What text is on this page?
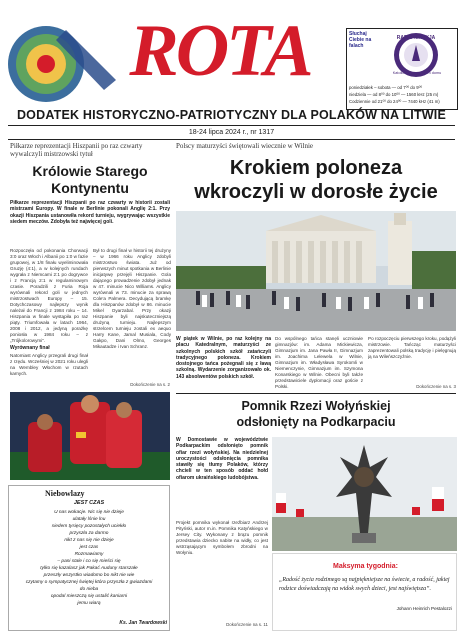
ROTA	Słuchaj Ciebie na falach
RADIO MARYJA
Katolicki głos w Twoim domu
poniedziałek – sobota — od 7⁰⁰ do 9⁰⁰
niedziela — od 8⁰⁰ do 10⁰⁰ — 1560 kHz (25 m)
Codziennie od 21⁰⁰ do 24⁰⁰ — 7440 kHz (41 m)
DODATEK HISTORYCZNO-PATRIOTYCZNY DLA POLAKÓW NA LITWIE
18-24 lipca 2024 r., nr 1317
Piłkarze reprezentacji Hiszpanii po raz czwarty wywalczyli mistrzowski tytuł
Królowie Starego Kontynentu
Piłkarze reprezentacji Hiszpanii po raz czwarty w historii zostali mistrzami Europy. W finale w Berlinie pokonali Anglię 2:1. Przy okazji Hiszpania ustanowiła rekord turnieju, wygrywając wszystkie siedem meczów. Zdobyła też najwięcej goli.
Rozpoczęła od pokonania Chorwacji 3:0 oraz Włoch i Albanii po 1:0 w fazie grupowej, w 1/8 finału wyeliminowała Gruzję (4:1), a w kolejnych rundach wygrała z Niemcami 2:1 po dogrywce i z Francją 2:1 w regulaminowym czasie. Poradzili z Furia Roja wyrównali rekord goli w jednych mistrzostwach Europy – 15. Dotychczasowy najlepszy wynik należał do Francji z 1984 roku – 14. Hiszpania w finale wystąpiła po raz piąty. Triumfowała w latach 1964, 2008 i 2012, a jedyną porażkę poniosła w 1984 roku – z „Trójkolorowymi”.
Wyrównany finał
Natomiast Anglicy przegrali drugi finał z rzędu. Wcześniej w 2021 roku ulegli na Wembley Włochom w rzutach karnych.
Był to drugi finał w historii tej drużyny – w 1966 roku Anglicy zdobyli mistrzostwo świata. Już od pierwszych minut spotkania w Berlinie inicjatywę przejęli Hiszpanie. Gola dającego prowadzenie zdobył jednak w 47. minucie Nico Williams. Anglicy wyrównali w 73. minucie za sprawą Cole'a Palmera. Decydującą bramkę dla Hiszpanów zdobył w 86. minucie Mikel Oyarzabal. Przy okazji Hiszpanie byli najskuteczniejszą drużyną turnieju. Najlepszym strzelcem turnieju zostali ex aequo Harry Kane, Jamal Musiala, Cody Gakpo, Dani Olmo, Georges Mikautadze i Ivan Schranz.
Dokończenie na s. 2
Polscy maturzyści świętowali wiecznie w Wilnie
Krokiem poloneza
wkroczyli w dorosłe życie
W piątek w Wilnie, po raz kolejny na placu Katedralnym, maturzyści ze szkolnych polskich szkół zatańczyli tradycyjnego poloneza. Krokiem dostojnego tańca pożegnali się z ławą szkolną. Wydarzenie zorganizowało ok. 143 absolwentów polskich szkół.
Do wspólnego tańca stanęli uczniowie gimnazjów: im. Adama Mickiewicza, Gimnazjum im. Jana Pawła II, Gimnazjum im. Joachima Lelewela w Wilnie, Gimnazjum im. Władysława Syrokomli w Niemenczynie, Gimnazjum im. Szymona Konarskiego w Wilnie. Obecni byli także przedstawiciele dyplomacji oraz goście z Polski.
Po rozpoczęciu pierwszego kroku, podążyli mistrzowie. Tańcząc maturzyści zaprezentowali polską tradycję i pielęgnują ją na Wileńszczyźnie.
Dokończenie na s. 3
Pomnik Rzezi Wołyńskiej
odsłonięty na Podkarpaciu
W Domostawie w województwie Podkarpackim odsłonięto pomnik ofiar rzezi wołyńskiej. Na niedzielnej uroczystości odsłonięcia pomnika stawiły się tłumy Polaków, którzy chcieli w ten sposób oddać hołd ofiarom ukraińskiego ludobójstwa.
Projekt pomnika wykonał rzeźbiarz Andrzej Pityński, autor m.in. Pomnika Katyńskiego w Jersey City. Wykonany z brązu pomnik przedstawia dziecko nabite na widły, co jest wstrząsającym symbolem zbrodni na Wołyniu.
Dokończenie na s. 11
Niebowlazy
JEST CZAS
U nas wokacje. Nic się nie dzieje
ulatały lśnie lnu
siedem tysięcy pozostałych uciekło
przyszła za darmo
nikt z nas się nie dzieje
jest czas
Rozmawiamy
– pani stale i co się mieści się
tylko się kazalasz jak Pakać Auduny starszałe
przeszły wszystko wiadomo bo nikt nie wie
czytamy o sympatycznej świętej która przyszła z gwiazdami
do nieba
opodal mieszczą się ustalić kaniarni
jemu wiarą
Ks. Jan Twardowski
Maksyma tygodnia:
„Radość życia rodzimego są najpiękniejsze na świecie, a radość, jakiej rodzice doświadczają na widok swych dzieci, jest najświętsza”.
Johann Heinrich Pestalozzi
